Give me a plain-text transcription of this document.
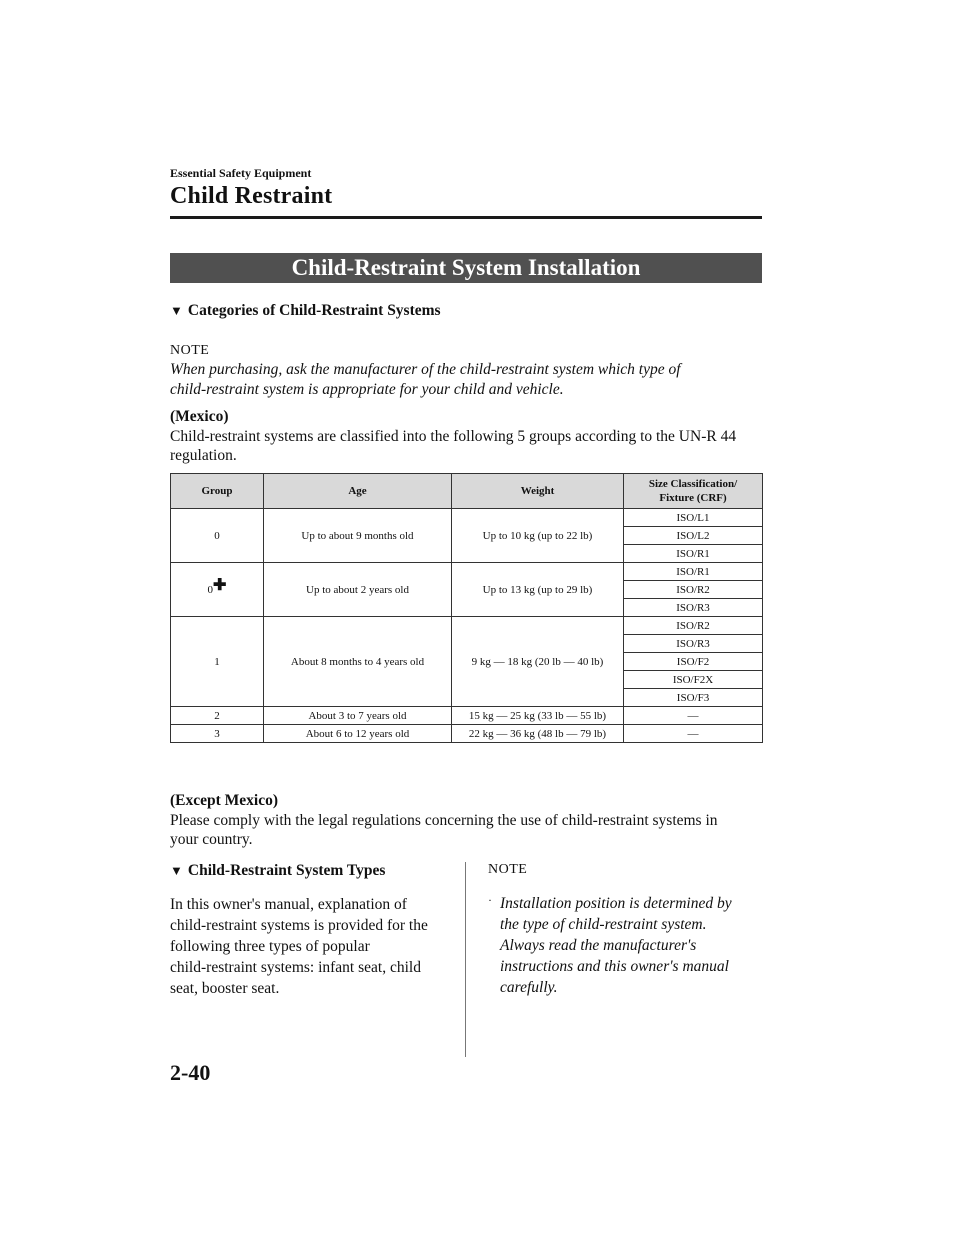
Essential Safety Equipment
Child Restraint
Child-Restraint System Installation
▼ Categories of Child-Restraint Systems
NOTE
When purchasing, ask the manufacturer of the child-restraint system which type of
child-restraint system is appropriate for your child and vehicle.
(Mexico)
Child-restraint systems are classified into the following 5 groups according to the UN-R 44
regulation.
Group	Age	Weight	Size Classification/
Fixture (CRF)
0	Up to about 9 months old	Up to 10 kg (up to 22 lb)	ISO/L1
			ISO/L2
			ISO/R1
0✚	Up to about 2 years old	Up to 13 kg (up to 29 lb)	ISO/R1
			ISO/R2
			ISO/R3
1	About 8 months to 4 years old	9 kg — 18 kg (20 lb — 40 lb)	ISO/R2
			ISO/R3
			ISO/F2
			ISO/F2X
			ISO/F3
2	About 3 to 7 years old	15 kg — 25 kg (33 lb — 55 lb)	—
3	About 6 to 12 years old	22 kg — 36 kg (48 lb — 79 lb)	—
(Except Mexico)
Please comply with the legal regulations concerning the use of child-restraint systems in
your country.
▼ Child-Restraint System Types
In this owner's manual, explanation of
child-restraint systems is provided for the
following three types of popular
child-restraint systems: infant seat, child
seat, booster seat.
NOTE
· Installation position is determined by
the type of child-restraint system.
Always read the manufacturer's
instructions and this owner's manual
carefully.
2-40
